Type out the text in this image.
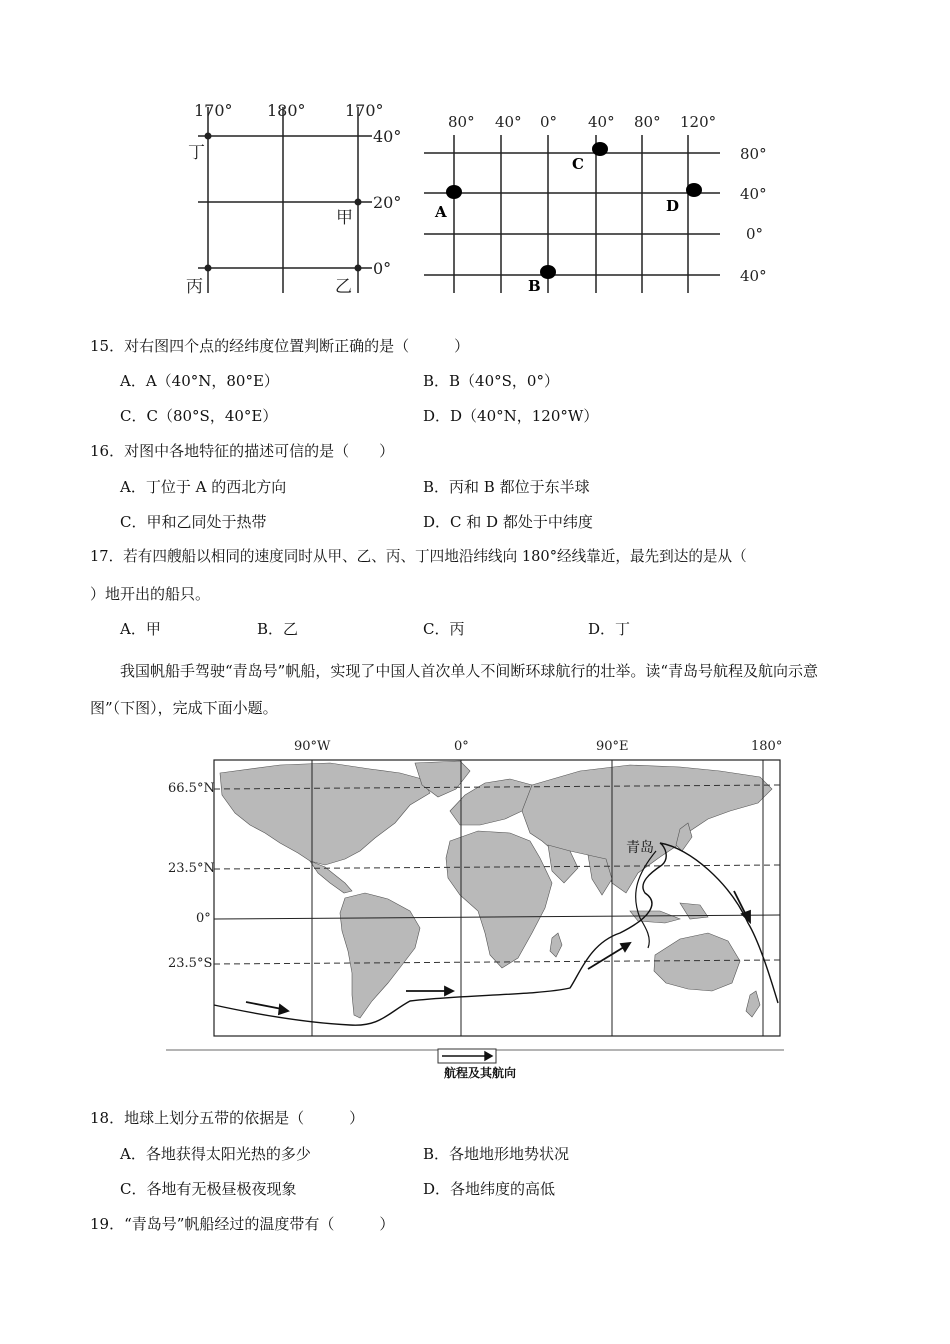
170° 180° 170°
40°
20°
0°
丁
甲
丙	乙
80° 40° 0° 40° 80° 120°
80°
40°
0°
40°
C
A	D
B
15．对右图四个点的经纬度位置判断正确的是（　　　）
A．A（40°N，80°E）	B．B（40°S，0°）
C．C（80°S，40°E）	D．D（40°N，120°W）
16．对图中各地特征的描述可信的是（　　）
A．丁位于 A 的西北方向	B．丙和 B 都位于东半球
C．甲和乙同处于热带	D．C 和 D 都处于中纬度
17．若有四艘船以相同的速度同时从甲、乙、丙、丁四地沿纬线向 180°经线靠近，最先到达的是从（
）地开出的船只。
A．甲	B．乙	C．丙	D．丁
我国帆船手驾驶“青岛号”帆船，实现了中国人首次单人不间断环球航行的壮举。读“青岛号航程及航向示意图”（下图），完成下面小题。
90°W	0°	90°E	180°
66.5°N
23.5°N
0°
23.5°S
青岛
航程及其航向
18．地球上划分五带的依据是（　　　）
A．各地获得太阳光热的多少	B．各地地形地势状况
C．各地有无极昼极夜现象	D．各地纬度的高低
19．“青岛号”帆船经过的温度带有（　　　）
